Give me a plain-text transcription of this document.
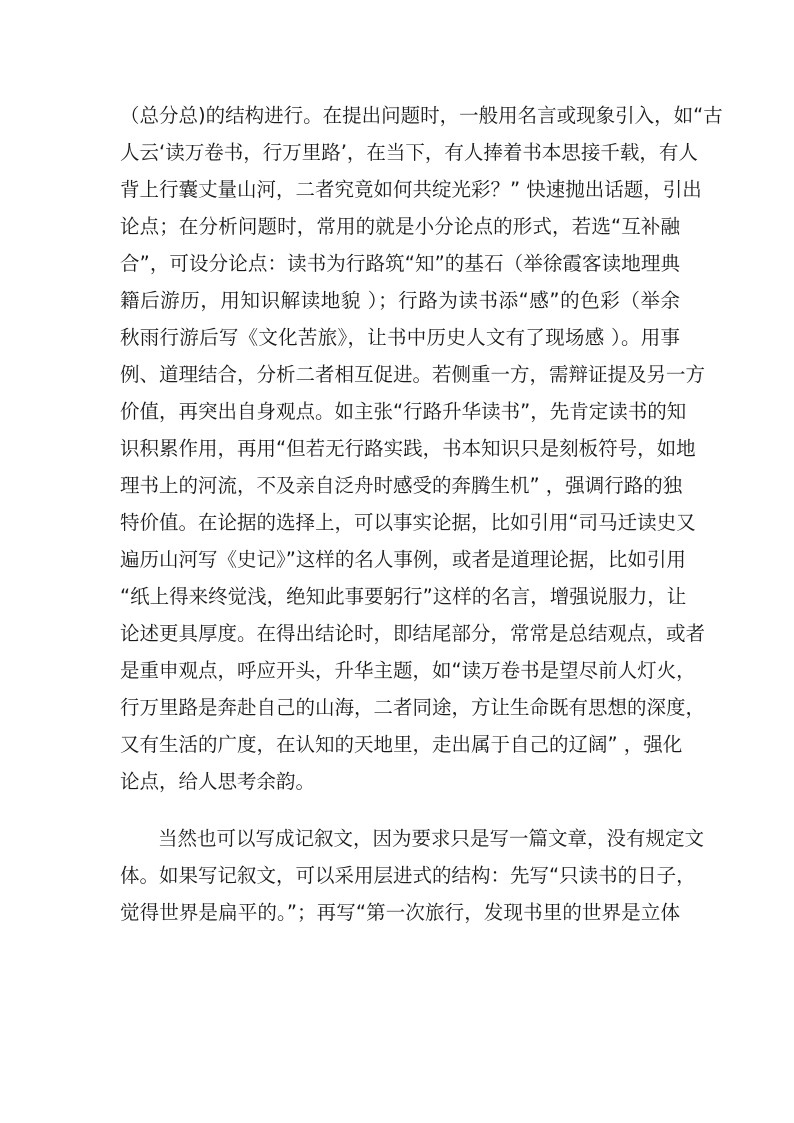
（总分总)的结构进行。在提出问题时，一般用名言或现象引入，如“古
人云‘读万卷书，行万里路’，在当下，有人捧着书本思接千载，有人
背上行囊丈量山河，二者究竟如何共绽光彩？” 快速抛出话题，引出
论点；在分析问题时，常用的就是小分论点的形式，若选“互补融
合”，可设分论点：读书为行路筑“知”的基石（举徐霞客读地理典
籍后游历，用知识解读地貌 ）；行路为读书添“感”的色彩（举余
秋雨行游后写《文化苦旅》，让书中历史人文有了现场感 ）。用事
例、道理结合，分析二者相互促进。若侧重一方，需辩证提及另一方
价值，再突出自身观点。如主张“行路升华读书”，先肯定读书的知
识积累作用，再用“但若无行路实践，书本知识只是刻板符号，如地
理书上的河流，不及亲自泛舟时感受的奔腾生机” ，强调行路的独
特价值。在论据的选择上，可以事实论据，比如引用“司马迁读史又
遍历山河写《史记》”这样的名人事例，或者是道理论据，比如引用
“纸上得来终觉浅，绝知此事要躬行”这样的名言，增强说服力，让
论述更具厚度。在得出结论时，即结尾部分，常常是总结观点，或者
是重申观点，呼应开头，升华主题，如“读万卷书是望尽前人灯火，
行万里路是奔赴自己的山海，二者同途，方让生命既有思想的深度，
又有生活的广度，在认知的天地里，走出属于自己的辽阔” ，强化
论点，给人思考余韵。
当然也可以写成记叙文，因为要求只是写一篇文章，没有规定文
体。如果写记叙文，可以采用层进式的结构：先写“只读书的日子，
觉得世界是扁平的。”；再写“第一次旅行，发现书里的世界是立体
